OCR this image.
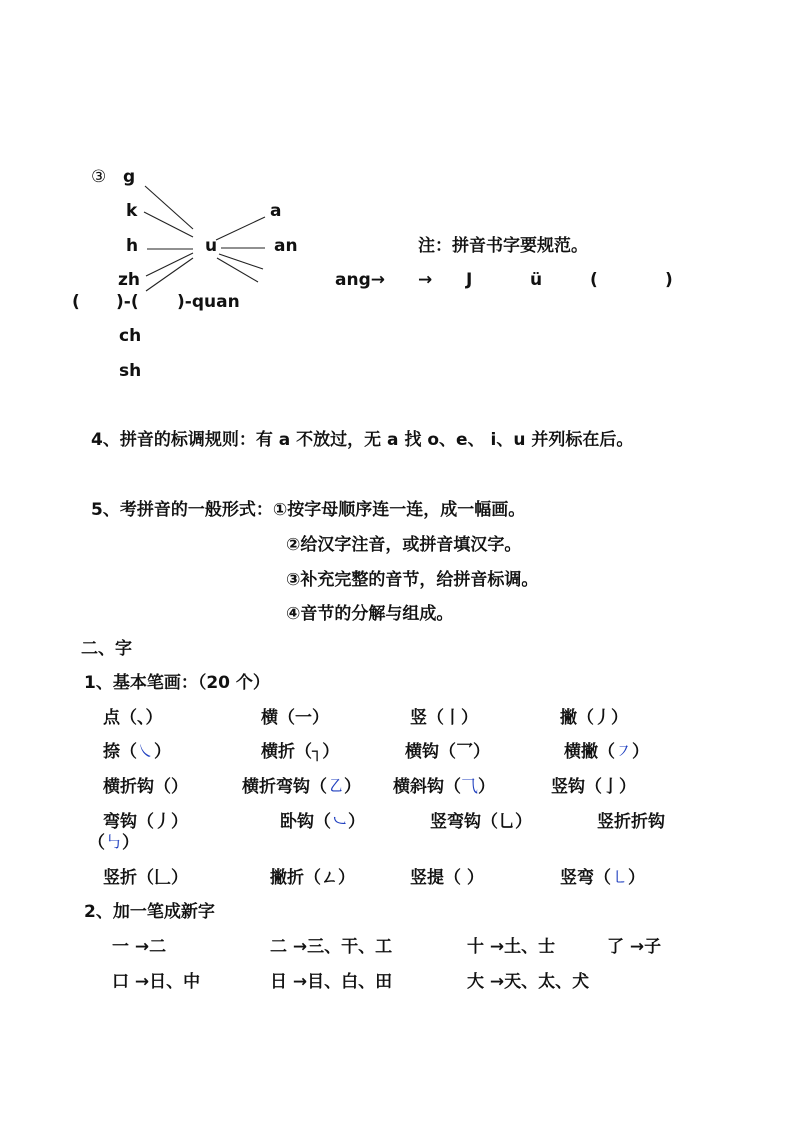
③ g
k
h
zh
ch
sh
u
a
an
( )-( )-quan
ang→ → J	ü	(	)
注：拼音书字要规范。
4、拼音的标调规则：有 a 不放过，无 a 找 o、e、 i、u 并列标在后。
5、考拼音的一般形式：①按字母顺序连一连，成一幅画。
②给汉字注音，或拼音填汉字。
③补充完整的音节，给拼音标调。
④音节的分解与组成。
二、字
1、基本笔画：（20 个）
点（、）	横（一）	竖（丨）	撇（丿）
捺（㇏）	横折（┐）	横钩（乛）	横撇（㇇）
横折钩（）	横折弯钩（㇠） 横斜钩（⺄）	竖钩（亅）
弯钩（丿）	卧钩（㇃）	竖弯钩（乚）	竖折折钩
（㇉）
竖折（𠃊）	撇折（ㄥ）	竖提（ ）	竖弯（㇄）
2、加一笔成新字
一 →二	二 →三、干、工	十 →土、士	了 →子
口 →日、中	日 →目、白、田	大 →天、太、犬
